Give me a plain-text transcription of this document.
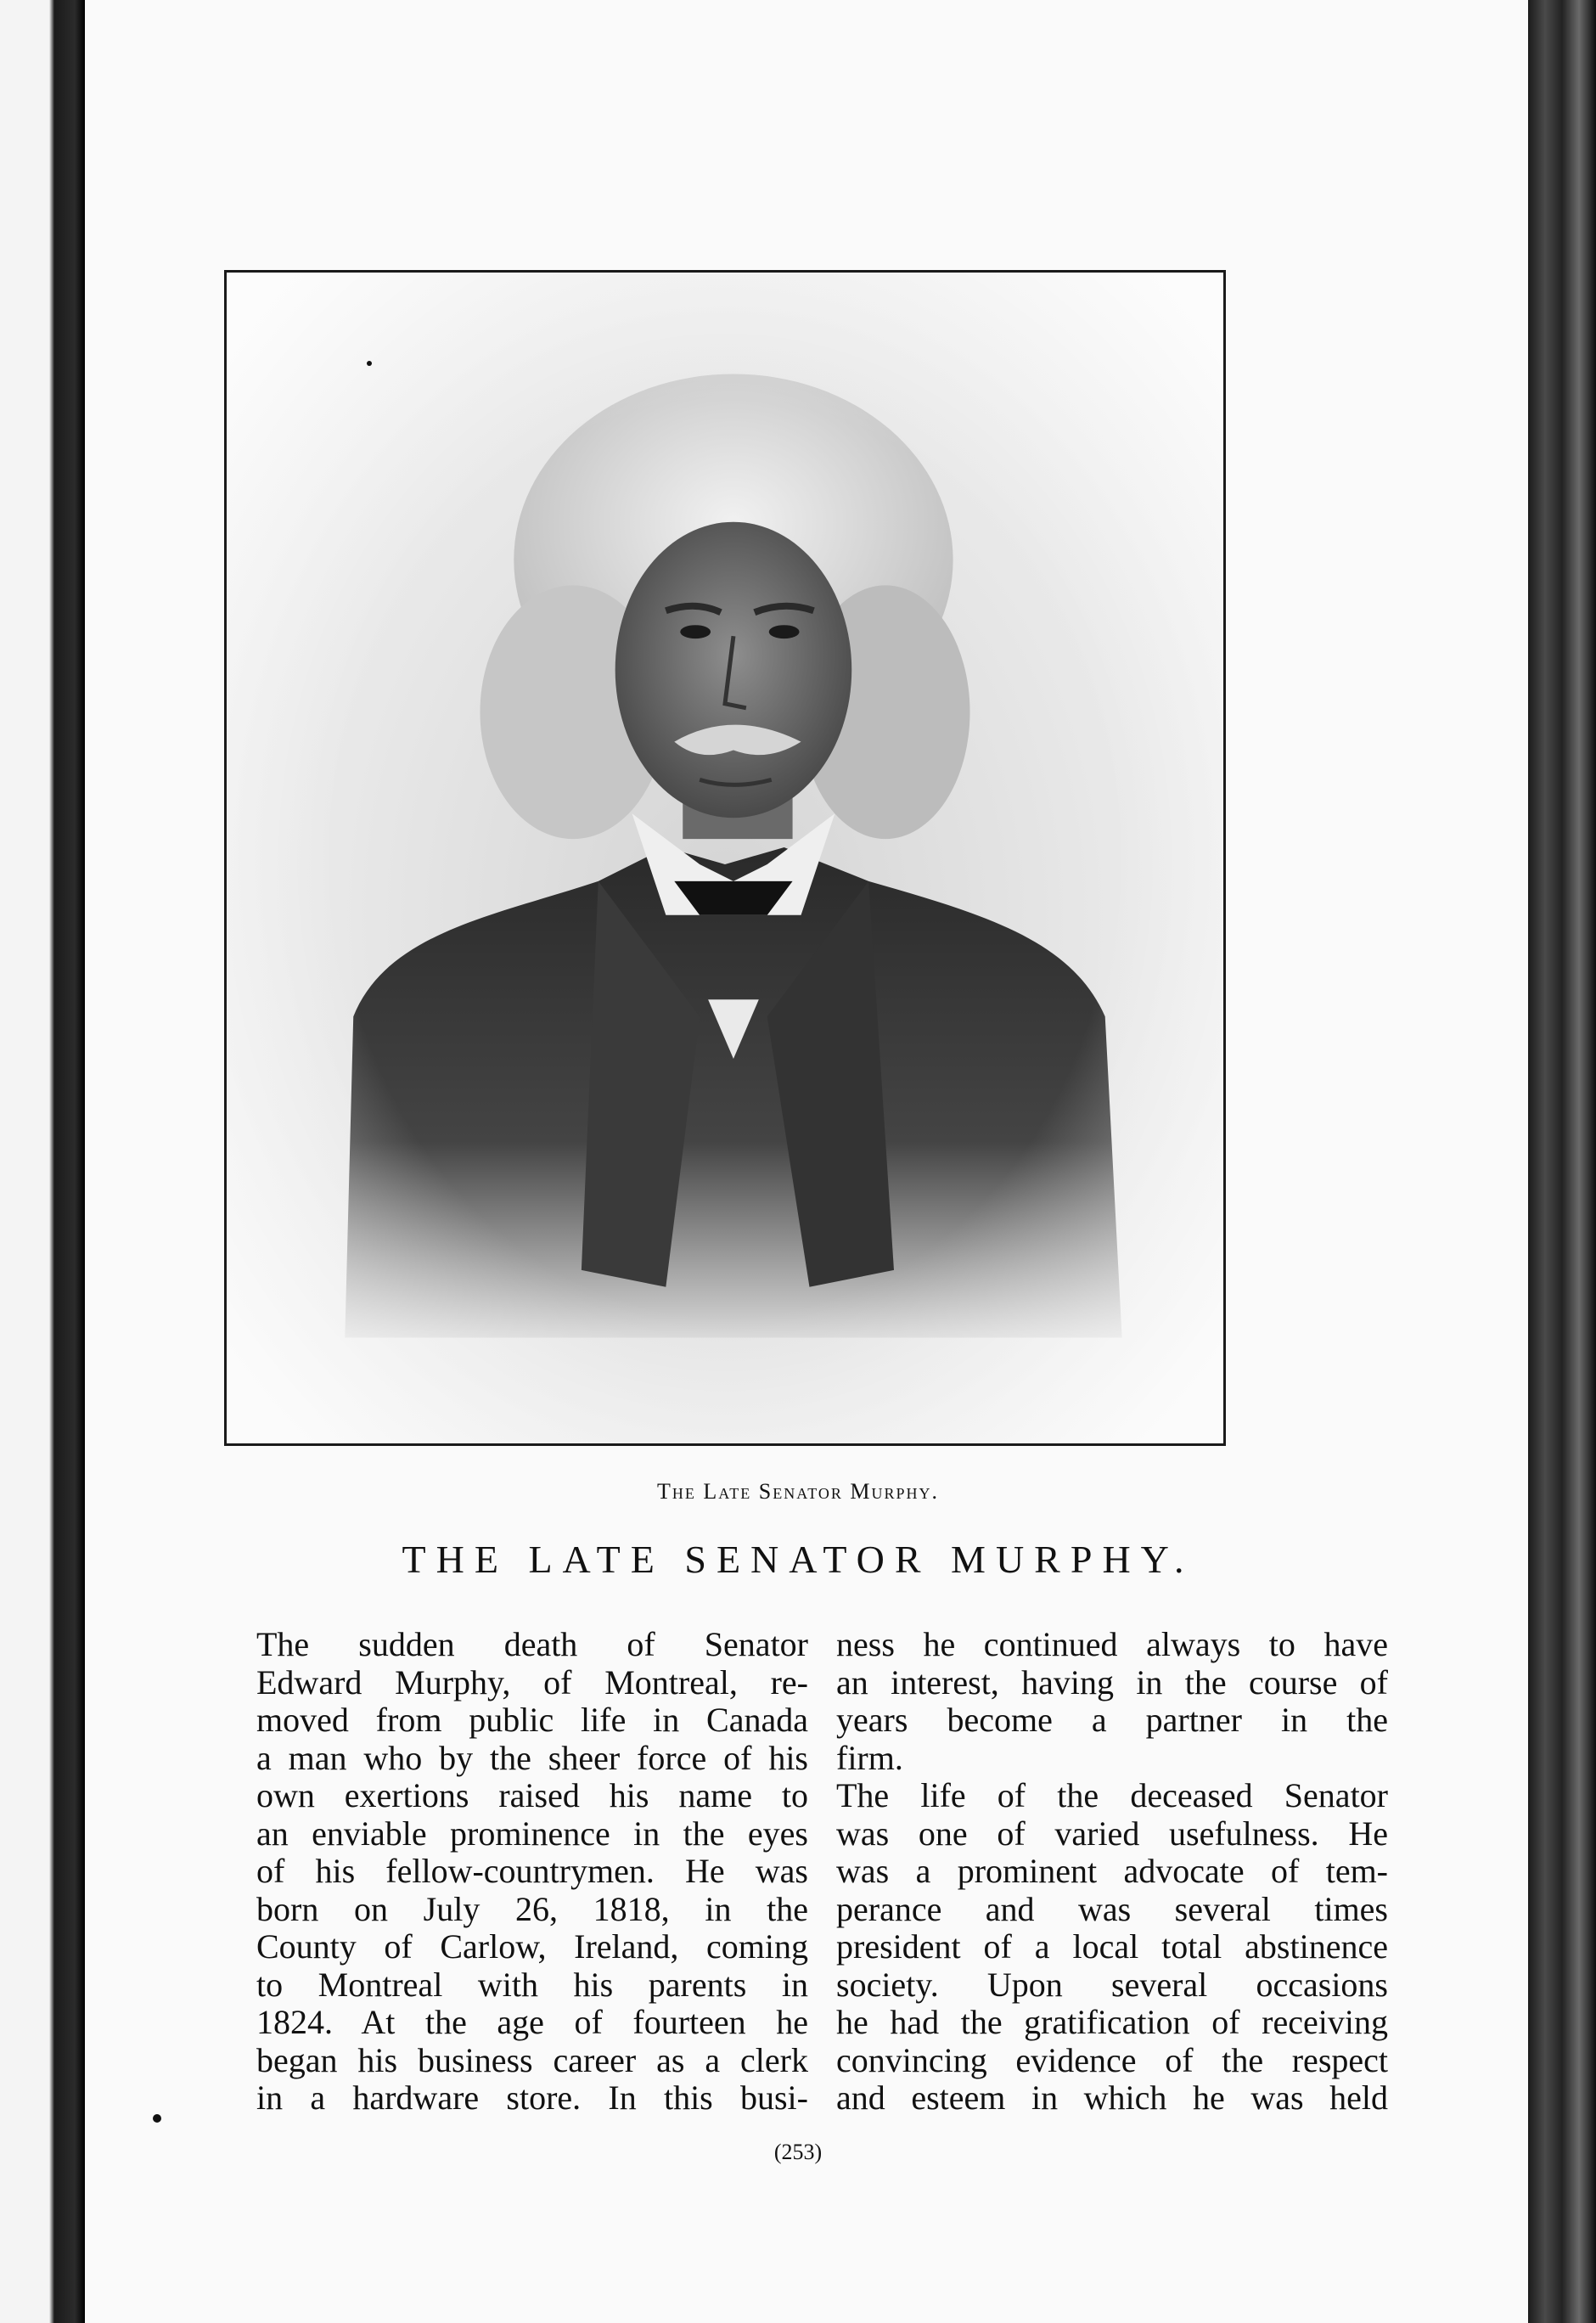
The Late Senator Murphy.
THE LATE SENATOR MURPHY.
The sudden death of Senator
Edward Murphy, of Montreal, re-
moved from public life in Canada
a man who by the sheer force of his
own exertions raised his name to
an enviable prominence in the eyes
of his fellow-countrymen. He was
born on July 26, 1818, in the
County of Carlow, Ireland, coming
to Montreal with his parents in
1824. At the age of fourteen he
began his business career as a clerk
in a hardware store. In this busi-
ness he continued always to have
an interest, having in the course of
years become a partner in the
firm.
The life of the deceased Senator
was one of varied usefulness. He
was a prominent advocate of tem-
perance and was several times
president of a local total abstinence
society. Upon several occasions
he had the gratification of receiving
convincing evidence of the respect
and esteem in which he was held
(253)
